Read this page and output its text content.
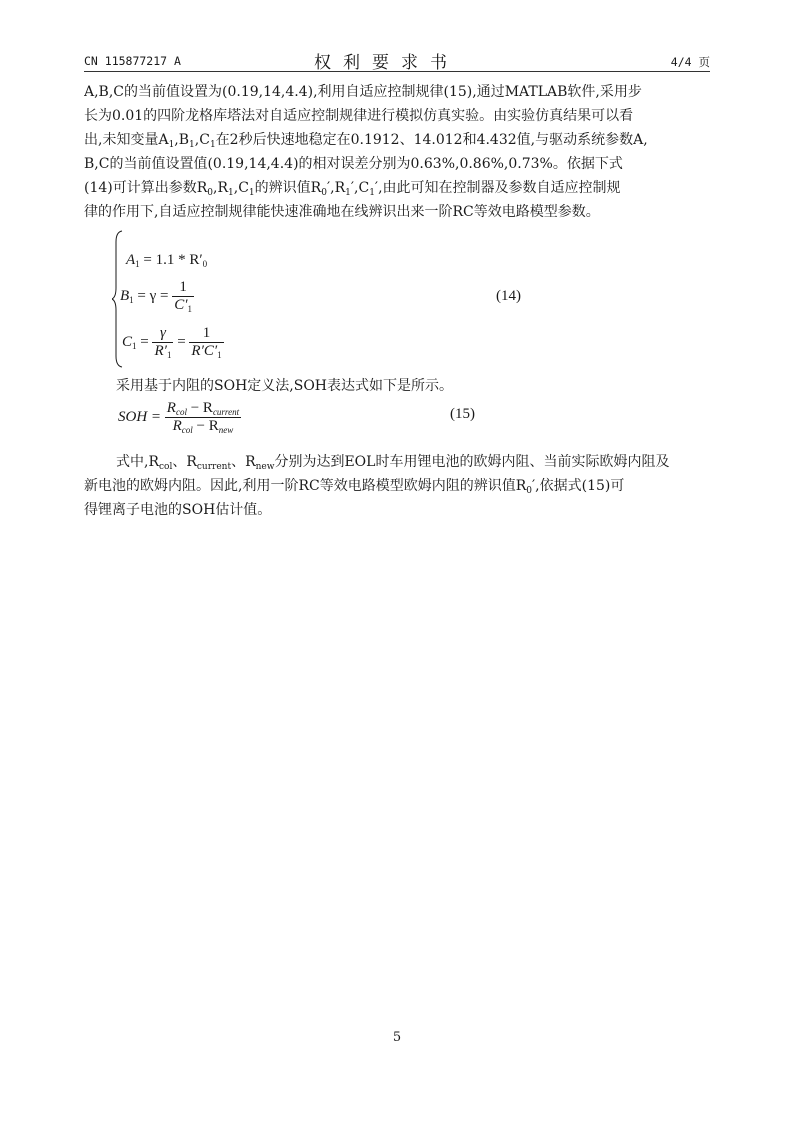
CN 115877217 A	权利要求书	4/4 页
A,B,C的当前值设置为(0.19,14,4.4),利用自适应控制规律(15),通过MATLAB软件,采用步
长为0.01的四阶龙格库塔法对自适应控制规律进行模拟仿真实验。由实验仿真结果可以看
出,未知变量$A_1,B_1,C_1$在2秒后快速地稳定在0.1912、14.012和4.432值,与驱动系统参数A,
B,C的当前值设置值(0.19,14,4.4)的相对误差分别为0.63%,0.86%,0.73%。依据下式
(14)可计算出参数$R_0,R_1,C_1$的辨识值$R_0',R_1',C_1'$,由此可知在控制器及参数自适应控制规
律的作用下,自适应控制规律能快速准确地在线辨识出来一阶RC等效电路模型参数。
$A_1 = 1.1 * R'_0$
$B_1 = \gamma = \frac{1}{C'_1}$
$C_1 = \frac{\gamma}{R'_1} = \frac{1}{R'C'_1}$
(14)
采用基于内阻的SOH定义法,SOH表达式如下是所示。
SOH = $\frac{R_{col} - R_{current}}{R_{col} - R_{new}}$	(15)
式中$,R_{col}$、$R_{current}$、$R_{new}$分别为达到EOL时车用锂电池的欧姆内阻、当前实际欧姆内阻及
新电池的欧姆内阻。因此,利用一阶RC等效电路模型欧姆内阻的辨识值$R_0'$,依据式(15)可
得锂离子电池的SOH估计值。
5
